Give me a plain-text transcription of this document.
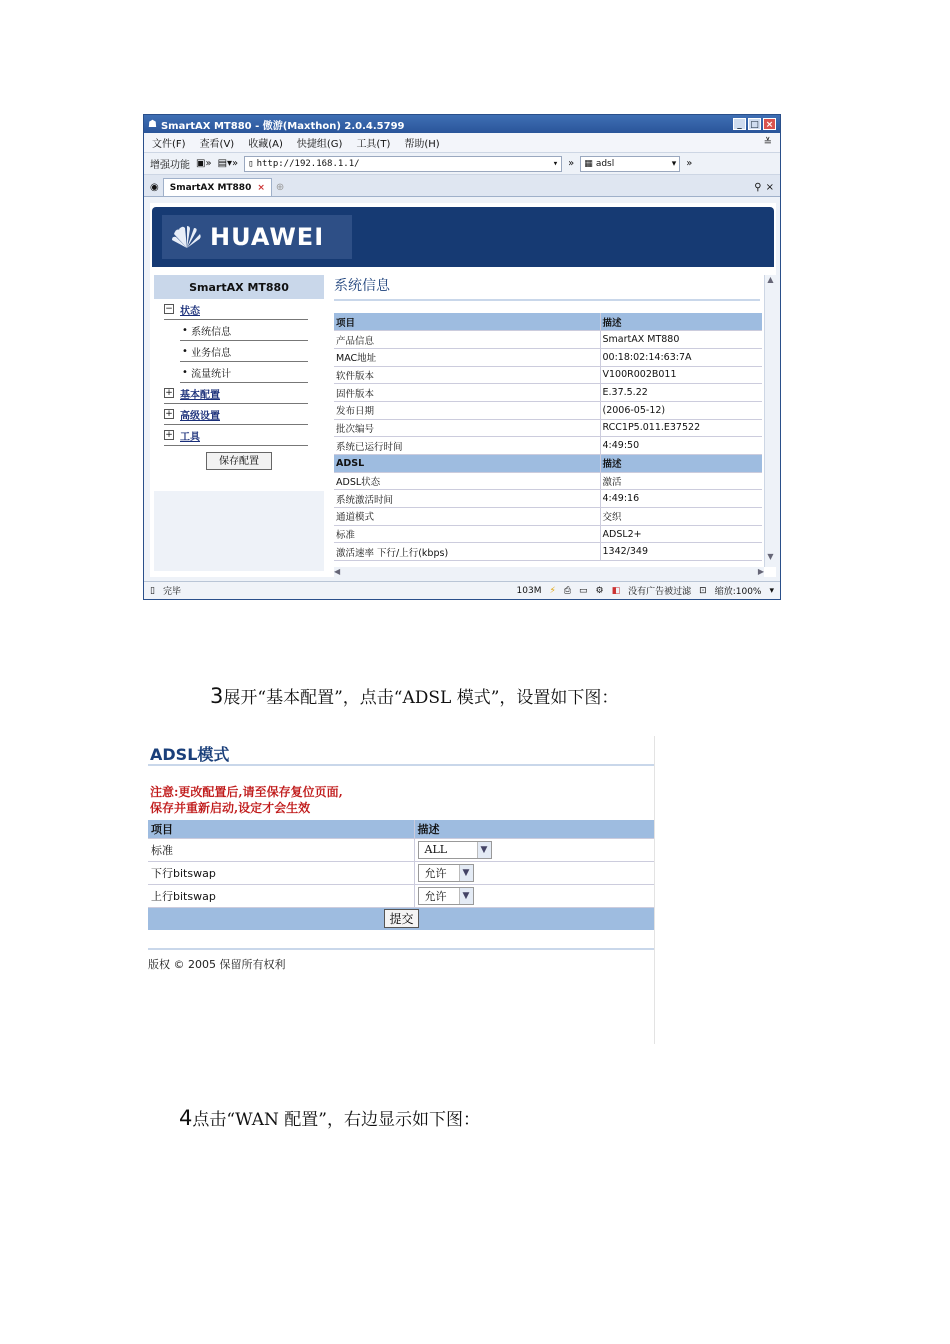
☗ SmartAX MT880 - 傲游(Maxthon) 2.0.4.5799	_ □ ×
文件(F) 查看(V) 收藏(A) 快捷组(G) 工具(T) 帮助(H)	≚
增强功能 ▣» ▤▾» ▯ http://192.168.1.1/	▾ » ▦ adsl	▾ »
◉ SmartAX MT880 × ⊕	⚲ ×
HUAWEI
SmartAX MT880
− 状态
• 系统信息
• 业务信息
• 流量统计
+ 基本配置
+ 高级设置
+ 工具
保存配置
系统信息
项目	描述
产品信息	SmartAX MT880
MAC地址	00:18:02:14:63:7A
软件版本	V100R002B011
固件版本	E.37.5.22
发布日期	(2006-05-12)
批次编号	RCC1P5.011.E37522
系统已运行时间	4:49:50
ADSL	描述
ADSL状态	激活
系统激活时间	4:49:16
通道模式	交织
标准	ADSL2+
激活速率 下行/上行(kbps)	1342/349
▲
▼
◀	▶
▯ 完毕	103M ⚡ ⎙ ▭ ⚙ ◧ 没有广告被过滤 ⊡ 缩放:100% ▾
3展开“基本配置”，点击“ADSL 模式”，设置如下图：
ADSL模式
注意:更改配置后,请至保存复位页面,
保存并重新启动,设定才会生效
项目	描述
标准	ALL ▼

下行bitswap	允许 ▼

上行bitswap	允许 ▼
提交
版权 © 2005 保留所有权利
4点击“WAN 配置”，右边显示如下图：
